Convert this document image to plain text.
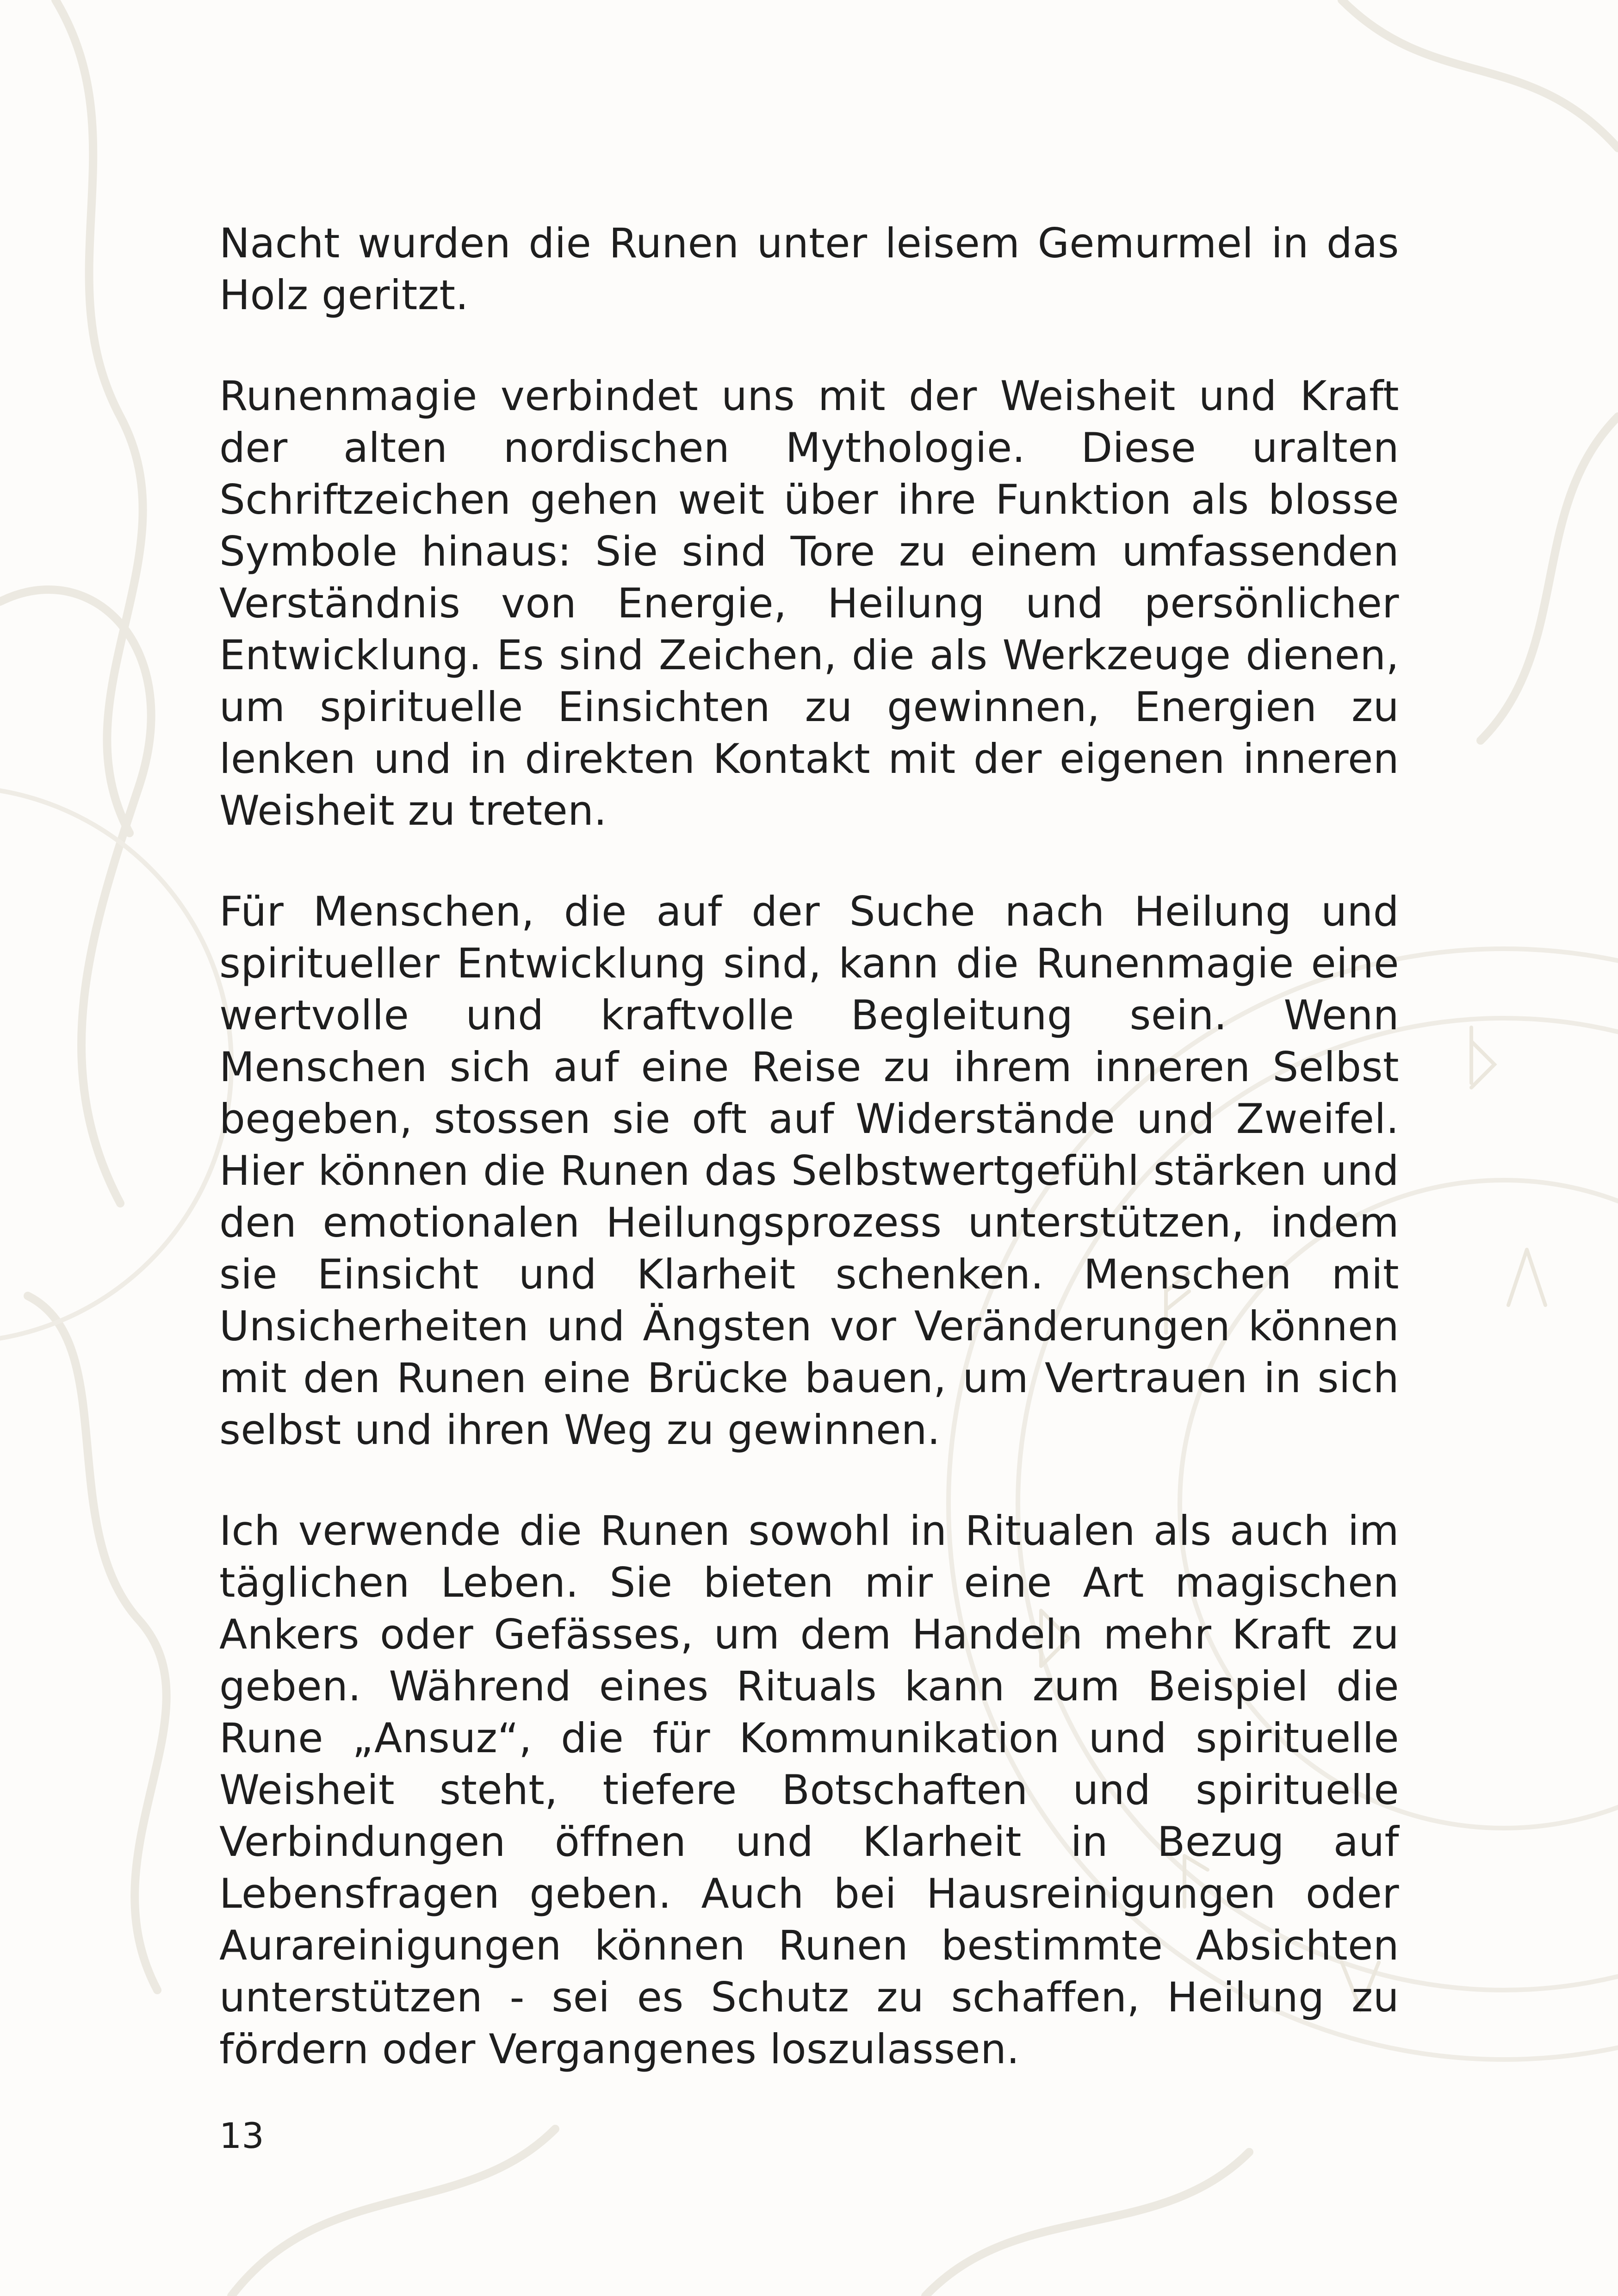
Nacht wurden die Runen unter leisem Gemurmel in das Holz geritzt.

Runenmagie verbindet uns mit der Weisheit und Kraft der alten nordischen Mythologie. Diese uralten Schriftzeichen gehen weit über ihre Funktion als blosse Symbole hinaus: Sie sind Tore zu einem umfassenden Verständnis von Energie, Heilung und persönlicher Entwicklung. Es sind Zeichen, die als Werkzeuge dienen, um spirituelle Einsichten zu gewinnen, Energien zu lenken und in direkten Kontakt mit der eigenen inneren Weisheit zu treten.

Für Menschen, die auf der Suche nach Heilung und spiritueller Entwicklung sind, kann die Runenmagie eine wertvolle und kraftvolle Begleitung sein. Wenn Menschen sich auf eine Reise zu ihrem inneren Selbst begeben, stossen sie oft auf Widerstände und Zweifel. Hier können die Runen das Selbstwertgefühl stärken und den emotionalen Heilungsprozess unterstützen, indem sie Einsicht und Klarheit schenken. Menschen mit Unsicherheiten und Ängsten vor Veränderungen können mit den Runen eine Brücke bauen, um Vertrauen in sich selbst und ihren Weg zu gewinnen.

Ich verwende die Runen sowohl in Ritualen als auch im täglichen Leben. Sie bieten mir eine Art magischen Ankers oder Gefässes, um dem Handeln mehr Kraft zu geben. Während eines Rituals kann zum Beispiel die Rune „Ansuz“, die für Kommunikation und spirituelle Weisheit steht, tiefere Botschaften und spirituelle Verbindungen öffnen und Klarheit in Bezug auf Lebensfragen geben. Auch bei Hausreinigungen oder Aurareinigungen können Runen bestimmte Absichten unterstützen - sei es Schutz zu schaffen, Heilung zu fördern oder Vergangenes loszulassen.

13
